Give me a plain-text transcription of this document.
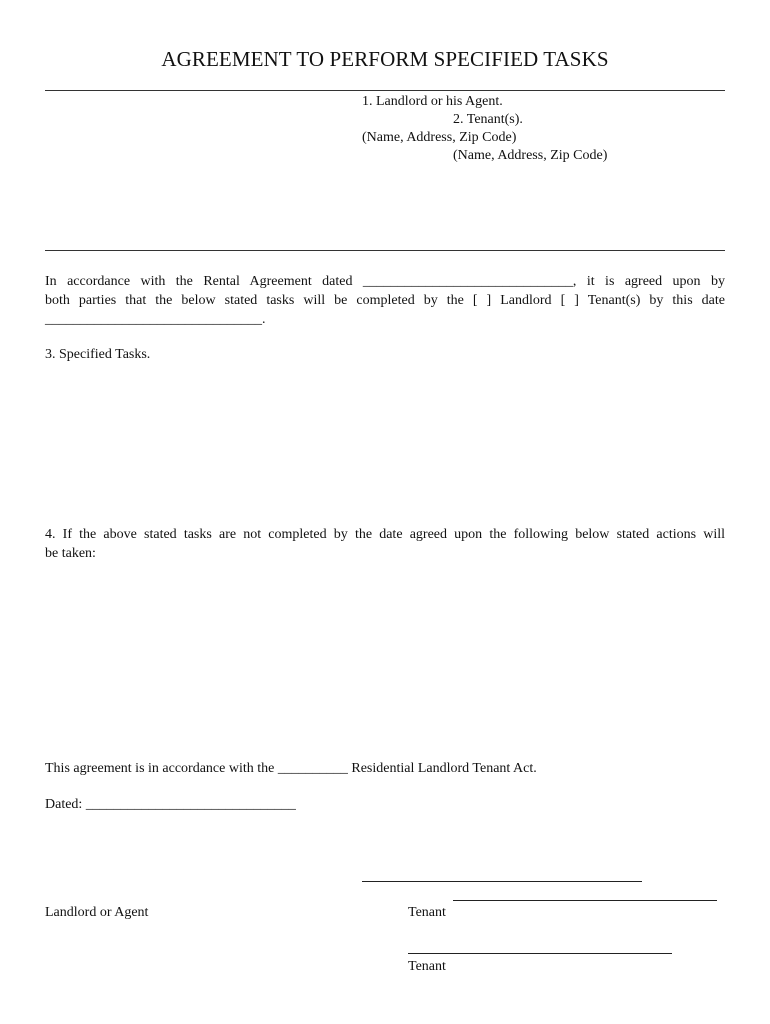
AGREEMENT TO PERFORM SPECIFIED TASKS
1. Landlord or his Agent.
2. Tenant(s).
(Name, Address, Zip Code)
(Name, Address, Zip Code)
In accordance with the Rental Agreement dated ______________________________, it is agreed upon by
both parties that the below stated tasks will be completed by the [ ] Landlord [ ] Tenant(s) by this date
_______________________________.
3. Specified Tasks.
4. If the above stated tasks are not completed by the date agreed upon the following below stated actions will
be taken:
This agreement is in accordance with the __________ Residential Landlord Tenant Act.
Dated: ______________________________
Landlord or Agent	Tenant
Tenant
